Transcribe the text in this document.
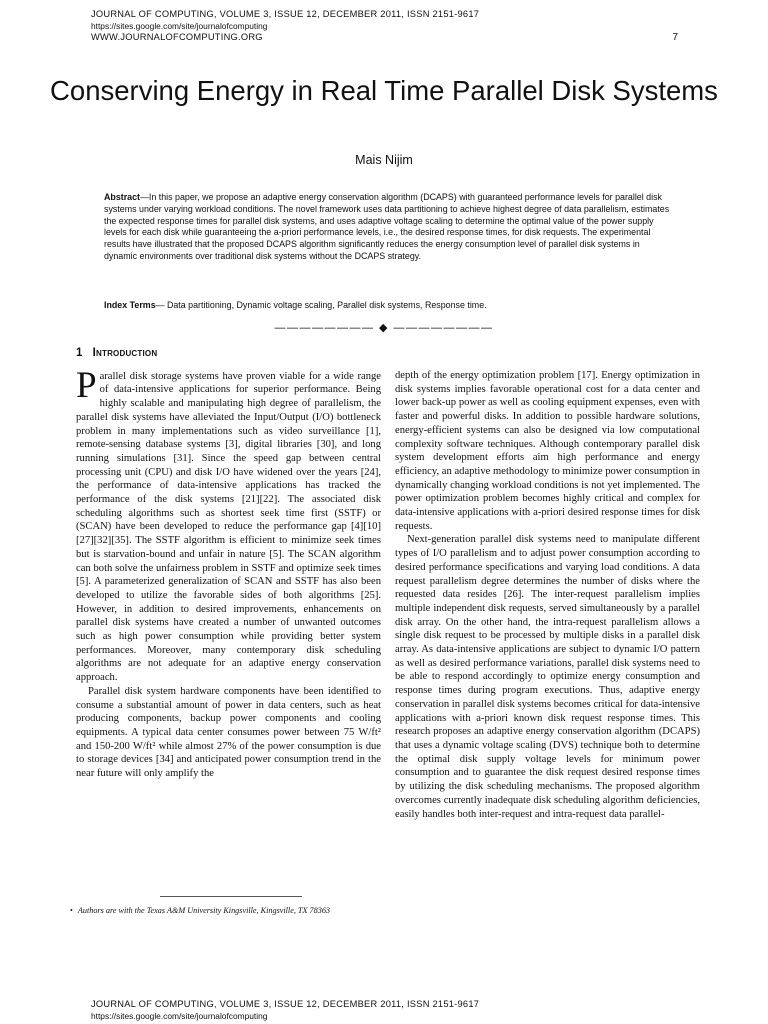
JOURNAL OF COMPUTING, VOLUME 3, ISSUE 12, DECEMBER 2011, ISSN 2151-9617
https://sites.google.com/site/journalofcomputing
WWW.JOURNALOFCOMPUTING.ORG	7
Conserving Energy in Real Time Parallel Disk Systems
Mais Nijim

Abstract—In this paper, we propose an adaptive energy conservation algorithm (DCAPS) with guaranteed performance levels for parallel disk systems under varying workload conditions. The novel framework uses data partitioning to achieve highest degree of data parallelism, estimates the expected response times for parallel disk systems, and uses adaptive voltage scaling to determine the optimal value of the power supply levels for each disk while guaranteeing the a-priori performance levels, i.e., the desired response times, for disk requests. The experimental results have illustrated that the proposed DCAPS algorithm significantly reduces the energy consumption level of parallel disk systems in dynamic environments over traditional disk systems without the DCAPS strategy.

Index Terms— Data partitioning, Dynamic voltage scaling, Parallel disk systems, Response time.

———————— ◆ ————————
1 Introduction

Parallel disk storage systems have proven viable for a wide range of data-intensive applications for superior performance. Being highly scalable and manipulating high degree of parallelism, the parallel disk systems have alleviated the Input/Output (I/O) bottleneck problem in many implementations such as video surveillance [1], remote-sensing database systems [3], digital libraries [30], and long running simulations [31]. Since the speed gap between central processing unit (CPU) and disk I/O have widened over the years [24], the performance of data-intensive applications has tracked the performance of the disk systems [21][22]. The associated disk scheduling algorithms such as shortest seek time first (SSTF) or (SCAN) have been developed to reduce the performance gap [4][10][27][32][35]. The SSTF algorithm is efficient to minimize seek times but is starvation-bound and unfair in nature [5]. The SCAN algorithm can both solve the unfairness problem in SSTF and optimize seek times [5]. A parameterized generalization of SCAN and SSTF has also been developed to utilize the favorable sides of both algorithms [25]. However, in addition to desired improvements, enhancements on parallel disk systems have created a number of unwanted outcomes such as high power consumption while providing better system performances. Moreover, many contemporary disk scheduling algorithms are not adequate for an adaptive energy conservation approach.

Parallel disk system hardware components have been identified to consume a substantial amount of power in data centers, such as heat producing components, backup power components and cooling equipments. A typical data center consumes power between 75 W/ft² and 150-200 W/ft² while almost 27% of the power consumption is due to storage devices [34] and anticipated power consumption trend in the near future will only amplify the

depth of the energy optimization problem [17]. Energy optimization in disk systems implies favorable operational cost for a data center and lower back-up power as well as cooling equipment expenses, even with faster and powerful disks. In addition to possible hardware solutions, energy-efficient systems can also be designed via low computational complexity software techniques. Although contemporary parallel disk system development efforts aim high performance and energy efficiency, an adaptive methodology to minimize power consumption in dynamically changing workload conditions is not yet implemented. The power optimization problem becomes highly critical and complex for data-intensive applications with a-priori desired response times for disk requests.

Next-generation parallel disk systems need to manipulate different types of I/O parallelism and to adjust power consumption according to desired performance specifications and varying load conditions. A data request parallelism degree determines the number of disks where the requested data resides [26]. The inter-request parallelism implies multiple independent disk requests, served simultaneously by a parallel disk array. On the other hand, the intra-request parallelism allows a single disk request to be processed by multiple disks in a parallel disk array. As data-intensive applications are subject to dynamic I/O pattern as well as desired performance variations, parallel disk systems need to be able to respond accordingly to optimize energy consumption and response times during program executions. Thus, adaptive energy conservation in parallel disk systems becomes critical for data-intensive applications with a-priori known disk request response times. This research proposes an adaptive energy conservation algorithm (DCAPS) that uses a dynamic voltage scaling (DVS) technique both to determine the optimal disk supply voltage levels for minimum power consumption and to guarantee the disk request desired response times by utilizing the disk scheduling mechanisms. The proposed algorithm overcomes currently inadequate disk scheduling algorithm deficiencies, easily handles both inter-request and intra-request data parallel-

• Authors are with the Texas A&M University Kingsville, Kingsville, TX 78363
JOURNAL OF COMPUTING, VOLUME 3, ISSUE 12, DECEMBER 2011, ISSN 2151-9617
https://sites.google.com/site/journalofcomputing
